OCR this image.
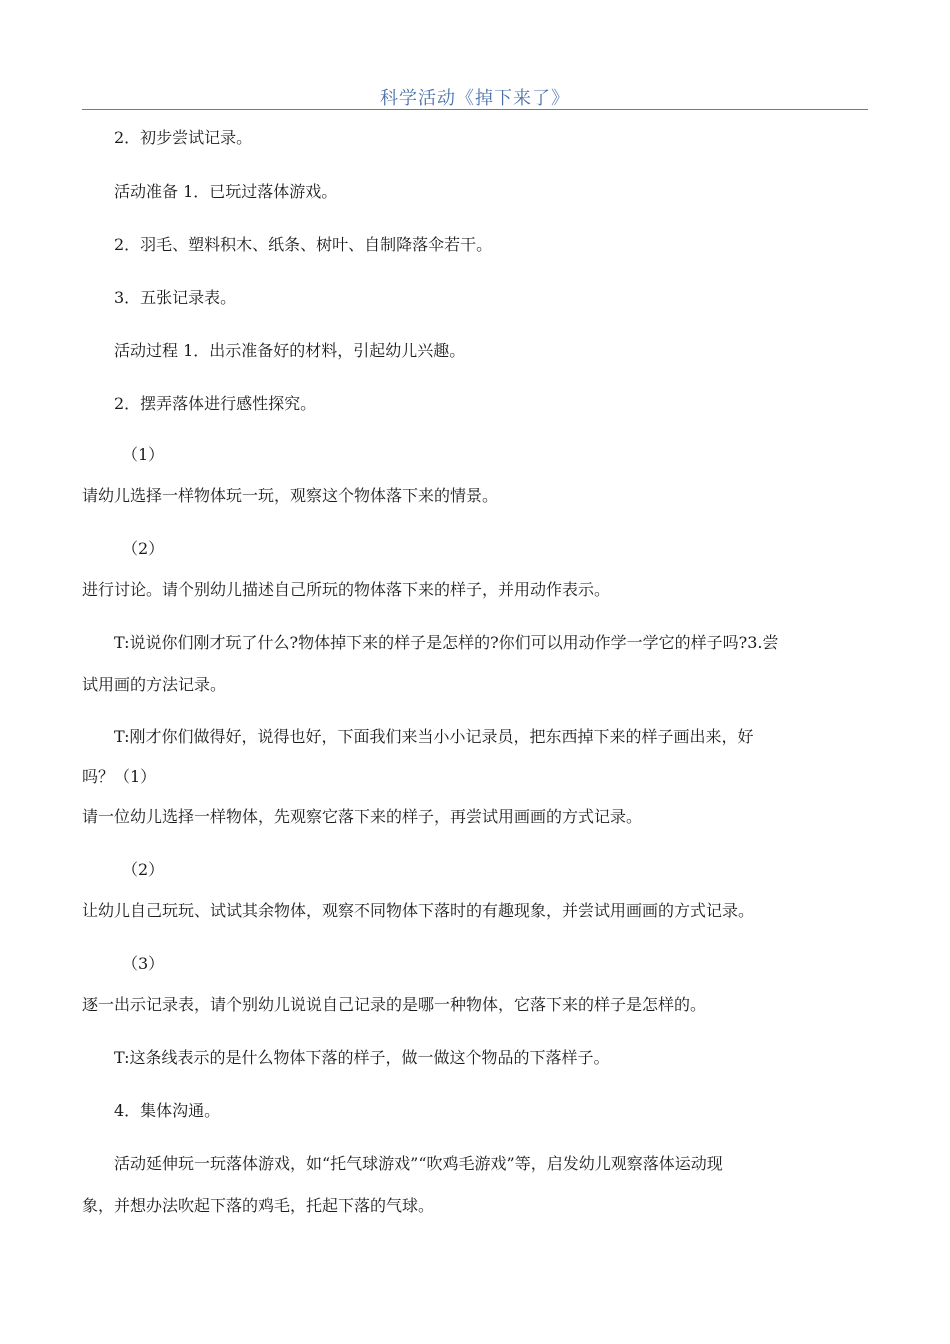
科学活动《掉下来了》
2．初步尝试记录。
活动准备 1．已玩过落体游戏。
2．羽毛、塑料积木、纸条、树叶、自制降落伞若干。
3．五张记录表。
活动过程 1．出示准备好的材料，引起幼儿兴趣。
2．摆弄落体进行感性探究。
（1）
请幼儿选择一样物体玩一玩，观察这个物体落下来的情景。
（2）
进行讨论。请个别幼儿描述自己所玩的物体落下来的样子，并用动作表示。
T:说说你们刚才玩了什么?物体掉下来的样子是怎样的?你们可以用动作学一学它的样子吗?3.尝
试用画的方法记录。
T:刚才你们做得好，说得也好，下面我们来当小小记录员，把东西掉下来的样子画出来，好
吗？（1）
请一位幼儿选择一样物体，先观察它落下来的样子，再尝试用画画的方式记录。
（2）
让幼儿自己玩玩、试试其余物体，观察不同物体下落时的有趣现象，并尝试用画画的方式记录。
（3）
逐一出示记录表，请个别幼儿说说自己记录的是哪一种物体，它落下来的样子是怎样的。
T:这条线表示的是什么物体下落的样子，做一做这个物品的下落样子。
4．集体沟通。
活动延伸玩一玩落体游戏，如“托气球游戏”“吹鸡毛游戏”等，启发幼儿观察落体运动现
象，并想办法吹起下落的鸡毛，托起下落的气球。
